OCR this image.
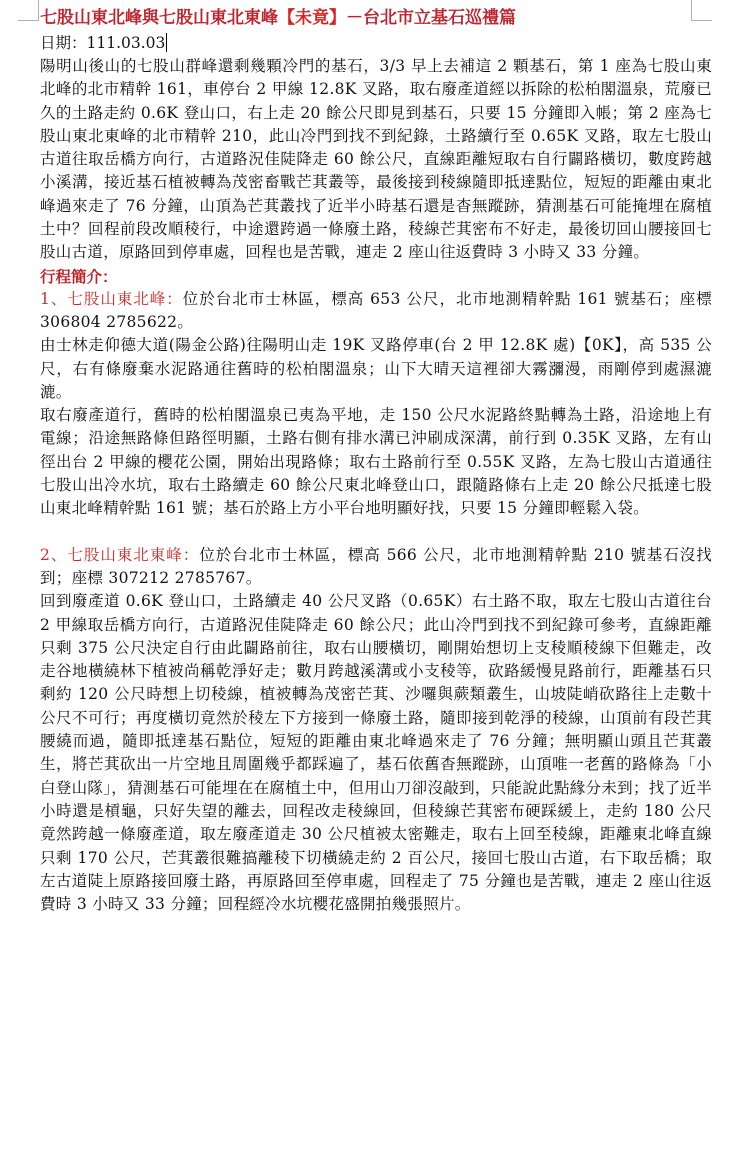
七股山東北峰與七股山東北東峰【未竟】－台北市立基石巡禮篇

日期：111.03.03

陽明山後山的七股山群峰還剩幾顆冷門的基石，3/3 早上去補這 2 顆基石，第 1 座為七股山東北峰的北市精幹 161，車停台 2 甲線 12.8K 叉路，取右廢產道經以拆除的松柏閣溫泉，荒廢已久的土路走約 0.6K 登山口，右上走 20 餘公尺即見到基石，只要 15 分鐘即入帳；第 2 座為七股山東北東峰的北市精幹 210，此山冷門到找不到紀錄，土路續行至 0.65K 叉路，取左七股山古道往取岳橋方向行，古道路況佳陡降走 60 餘公尺，直線距離短取右自行闢路橫切，數度跨越小溪溝，接近基石植被轉為茂密畜戰芒萁叢等，最後接到稜線隨即抵達點位，短短的距離由東北峰過來走了 76 分鐘，山頂為芒萁叢找了近半小時基石還是杳無蹤跡，猜測基石可能掩埋在腐植土中？回程前段改順稜行，中途還跨過一條廢土路，稜線芒萁密布不好走，最後切回山腰接回七股山古道，原路回到停車處，回程也是苦戰，連走 2 座山往返費時 3 小時又 33 分鐘。

行程簡介：

1、七股山東北峰：位於台北市士林區，標高 653 公尺，北市地測精幹點 161 號基石；座標 306804 2785622。

由士林走仰德大道(陽金公路)往陽明山走 19K 叉路停車(台 2 甲 12.8K 處)【0K】，高 535 公尺，右有條廢棄水泥路通往舊時的松柏閣溫泉；山下大晴天這裡卻大霧瀰漫，雨剛停到處濕漉漉。

取右廢產道行，舊時的松柏閣溫泉已夷為平地，走 150 公尺水泥路終點轉為土路，沿途地上有電線；沿途無路條但路徑明顯，土路右側有排水溝已沖刷成深溝，前行到 0.35K 叉路，左有山徑出台 2 甲線的櫻花公園，開始出現路條；取右土路前行至 0.55K 叉路，左為七股山古道通往七股山出冷水坑，取右土路續走 60 餘公尺東北峰登山口，跟隨路條右上走 20 餘公尺抵達七股山東北峰精幹點 161 號；基石於路上方小平台地明顯好找，只要 15 分鐘即輕鬆入袋。

2、七股山東北東峰：位於台北市士林區，標高 566 公尺，北市地測精幹點 210 號基石沒找到；座標 307212 2785767。

回到廢產道 0.6K 登山口，土路續走 40 公尺叉路（0.65K）右土路不取，取左七股山古道往台 2 甲線取岳橋方向行，古道路況佳陡降走 60 餘公尺；此山冷門到找不到紀錄可參考，直線距離只剩 375 公尺決定自行由此闢路前往，取右山腰橫切，剛開始想切上支稜順稜線下但難走，改走谷地橫繞林下植被尚稱乾淨好走；數月跨越溪溝或小支稜等，砍路緩慢見路前行，距離基石只剩約 120 公尺時想上切稜線，植被轉為茂密芒萁、沙囉與蕨類叢生，山坡陡峭砍路往上走數十公尺不可行；再度橫切竟然於稜左下方接到一條廢土路，隨即接到乾淨的稜線，山頂前有段芒萁腰繞而過，隨即抵達基石點位，短短的距離由東北峰過來走了 76 分鐘；無明顯山頭且芒萁叢生，將芒萁砍出一片空地且周圍幾乎都踩遍了，基石依舊杳無蹤跡，山頂唯一老舊的路條為「小白登山隊」，猜測基石可能埋在在腐植土中，但用山刀卻沒敲到，只能說此點緣分未到；找了近半小時還是槓龜，只好失望的離去，回程改走稜線回，但稜線芒萁密布硬踩緩上，走約 180 公尺竟然跨越一條廢產道，取左廢產道走 30 公尺植被太密難走，取右上回至稜線，距離東北峰直線只剩 170 公尺，芒萁叢很難搞離稜下切橫繞走約 2 百公尺，接回七股山古道，右下取岳橋；取左古道陡上原路接回廢土路，再原路回至停車處，回程走了 75 分鐘也是苦戰，連走 2 座山往返費時 3 小時又 33 分鐘；回程經冷水坑櫻花盛開拍幾張照片。
